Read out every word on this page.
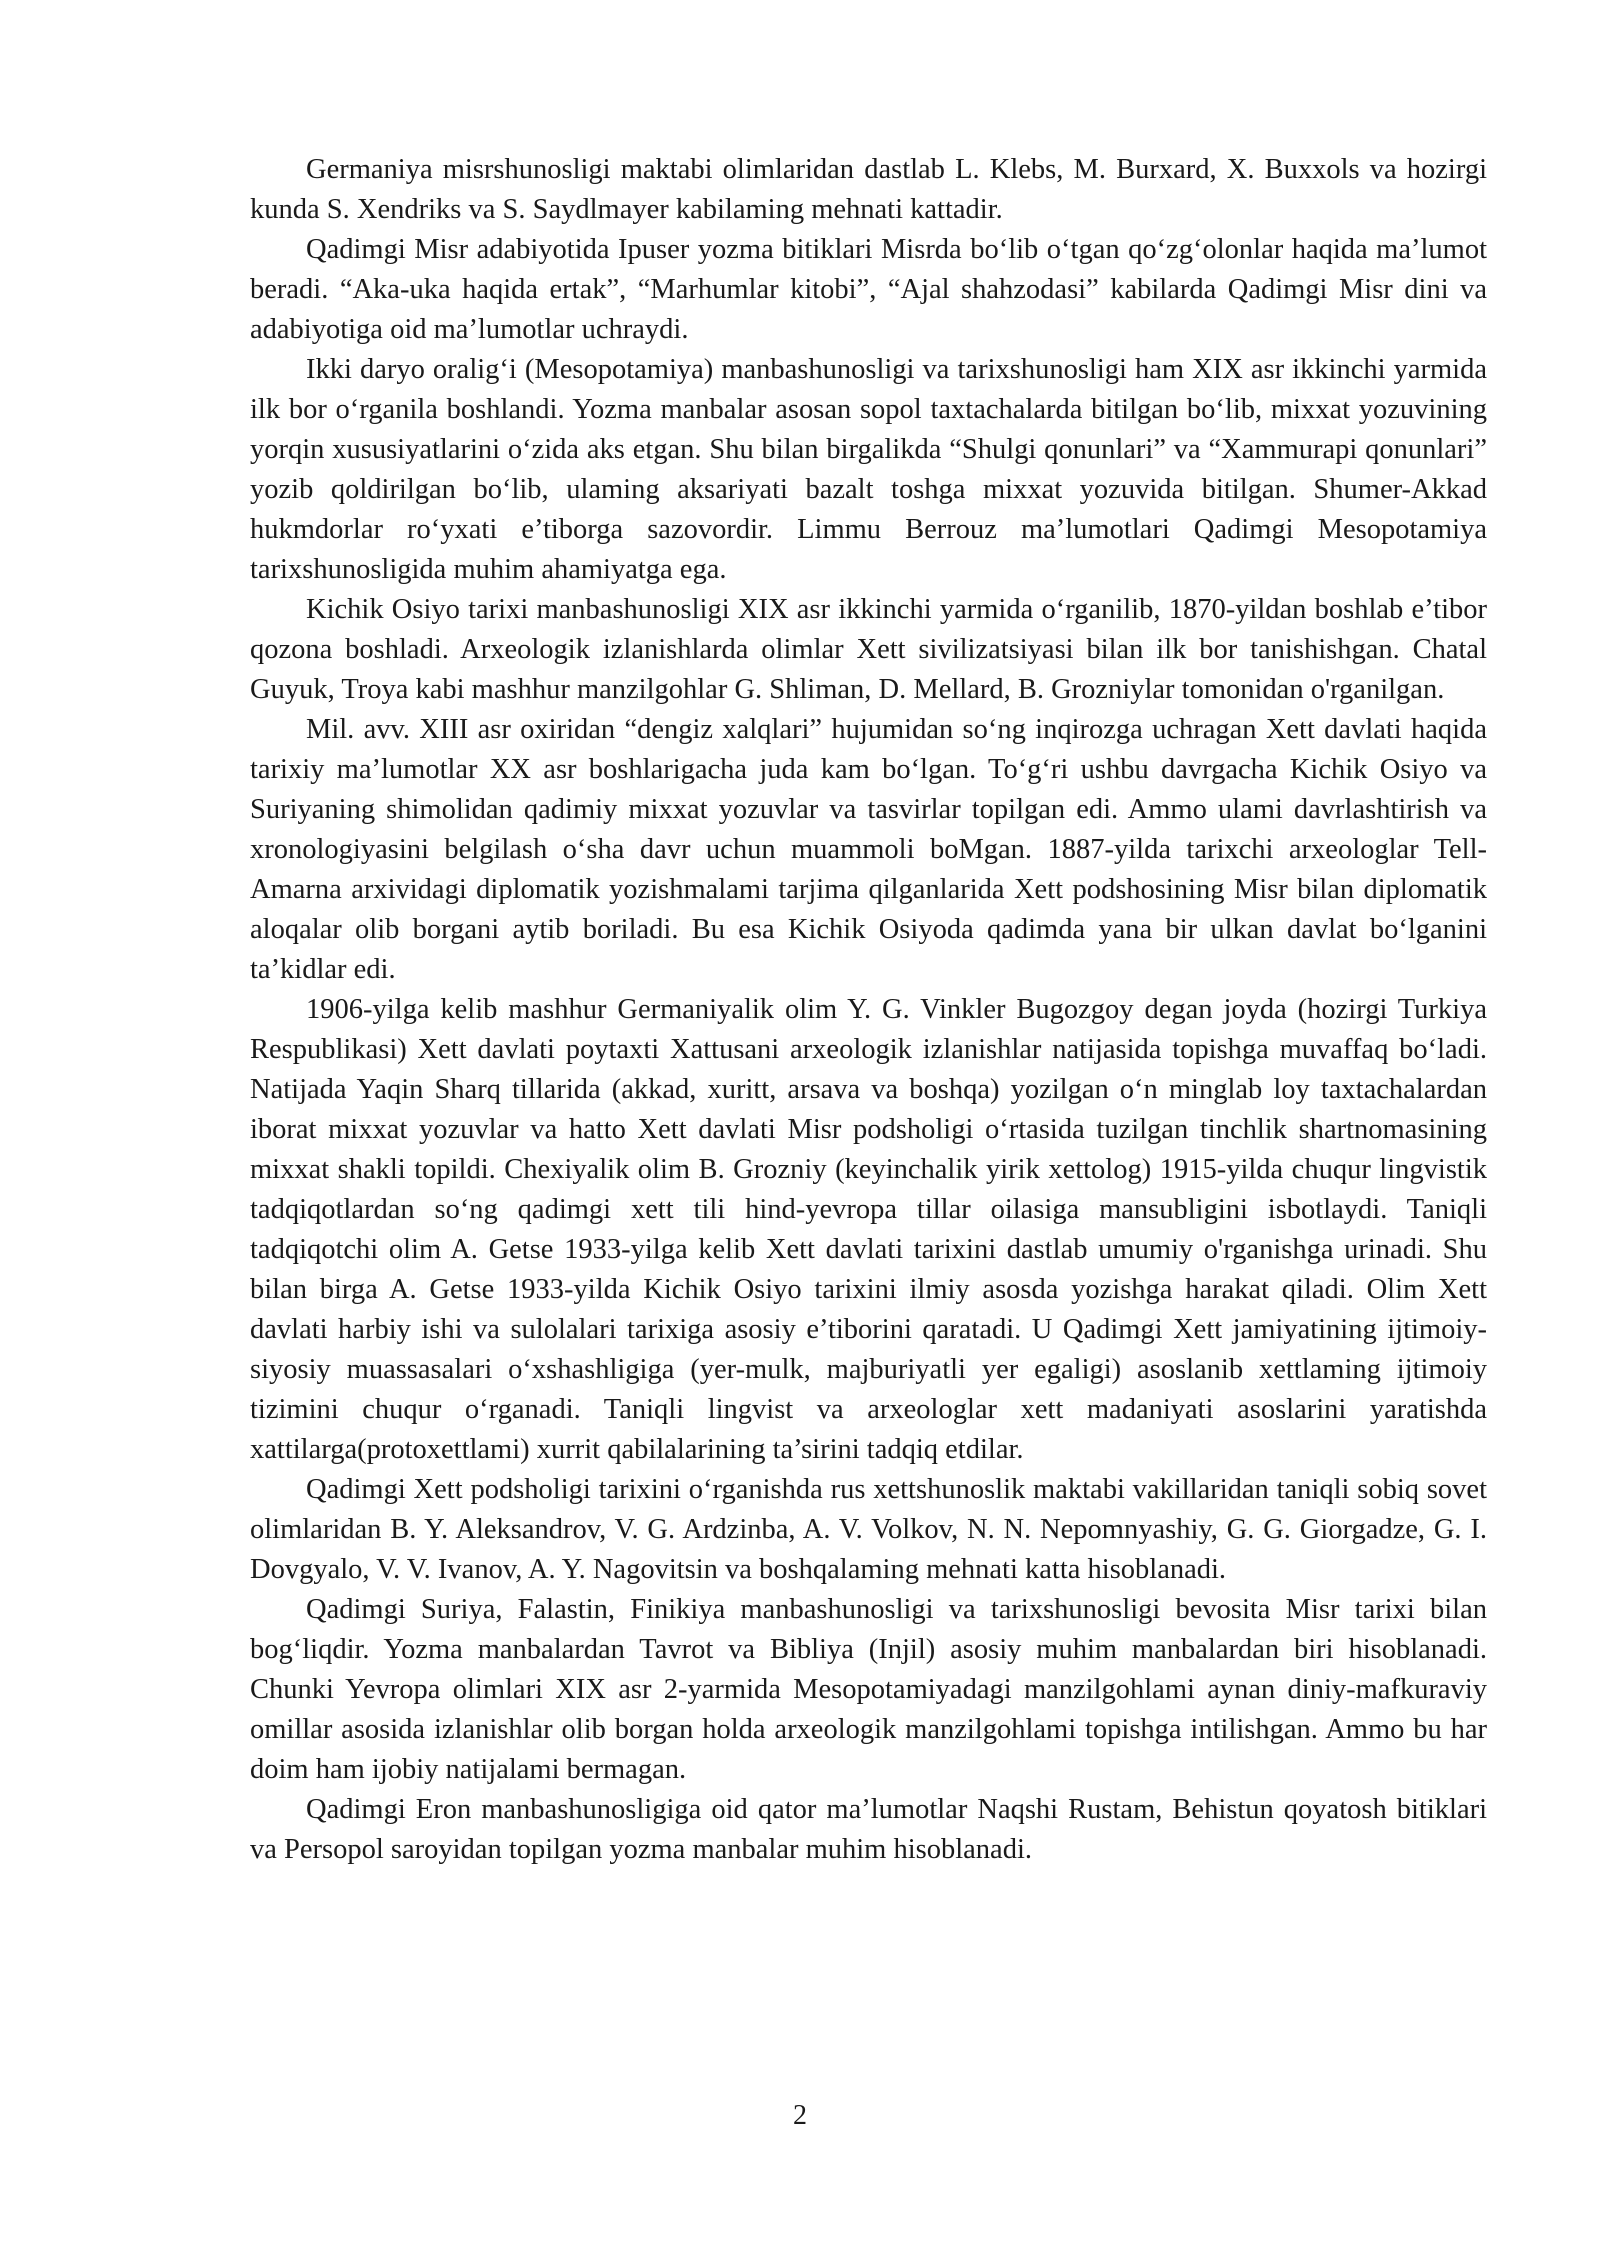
Germaniya misrshunosligi maktabi olimlaridan dastlab L. Klebs, M. Burxard, X. Buxxols va hozirgi kunda S. Xendriks va S. Saydlmayer kabilaming mehnati kattadir.

Qadimgi Misr adabiyotida Ipuser yozma bitiklari Misrda bo‘lib o‘tgan qo‘zg‘olonlar haqida ma’lumot beradi. “Aka-uka haqida ertak”, “Marhumlar kitobi”, “Ajal shahzodasi” kabilarda Qadimgi Misr dini va adabiyotiga oid ma’lumotlar uchraydi.

Ikki daryo oralig‘i (Mesopotamiya) manbashunosligi va tarixshunosligi ham XIX asr ikkinchi yarmida ilk bor o‘rganila boshlandi. Yozma manbalar asosan sopol taxtachalarda bitilgan bo‘lib, mixxat yozuvining yorqin xususiyatlarini o‘zida aks etgan. Shu bilan birgalikda “Shulgi qonunlari” va “Xammurapi qonunlari” yozib qoldirilgan bo‘lib, ulaming aksariyati bazalt toshga mixxat yozuvida bitilgan. Shumer-Akkad hukmdorlar ro‘yxati e’tiborga sazovordir. Limmu Berrouz ma’lumotlari Qadimgi Mesopotamiya tarixshunosligida muhim ahamiyatga ega.

Kichik Osiyo tarixi manbashunosligi XIX asr ikkinchi yarmida o‘rganilib, 1870-yildan boshlab e’tibor qozona boshladi. Arxeologik izlanishlarda olimlar Xett sivilizatsiyasi bilan ilk bor tanishishgan. Chatal Guyuk, Troya kabi mashhur manzilgohlar G. Shliman, D. Mellard, B. Grozniylar tomonidan o'rganilgan.

Mil. avv. XIII asr oxiridan “dengiz xalqlari” hujumidan so‘ng inqirozga uchragan Xett davlati haqida tarixiy ma’lumotlar XX asr boshlarigacha juda kam bo‘lgan. To‘g‘ri ushbu davrgacha Kichik Osiyo va Suriyaning shimolidan qadimiy mixxat yozuvlar va tasvirlar topilgan edi. Ammo ulami davrlashtirish va xronologiyasini belgilash o‘sha davr uchun muammoli boMgan. 1887-yilda tarixchi arxeologlar Tell-Amarna arxividagi diplomatik yozishmalami tarjima qilganlarida Xett podshosining Misr bilan diplomatik aloqalar olib borgani aytib boriladi. Bu esa Kichik Osiyoda qadimda yana bir ulkan davlat bo‘lganini ta’kidlar edi.

1906-yilga kelib mashhur Germaniyalik olim Y. G. Vinkler Bugozgoy degan joyda (hozirgi Turkiya Respublikasi) Xett davlati poytaxti Xattusani arxeologik izlanishlar natijasida topishga muvaffaq bo‘ladi. Natijada Yaqin Sharq tillarida (akkad, xuritt, arsava va boshqa) yozilgan o‘n minglab loy taxtachalardan iborat mixxat yozuvlar va hatto Xett davlati Misr podsholigi o‘rtasida tuzilgan tinchlik shartnomasining mixxat shakli topildi. Chexiyalik olim B. Grozniy (keyinchalik yirik xettolog) 1915-yilda chuqur lingvistik tadqiqotlardan so‘ng qadimgi xett tili hind-yevropa tillar oilasiga mansubligini isbotlaydi. Taniqli tadqiqotchi olim A. Getse 1933-yilga kelib Xett davlati tarixini dastlab umumiy o'rganishga urinadi. Shu bilan birga A. Getse 1933-yilda Kichik Osiyo tarixini ilmiy asosda yozishga harakat qiladi. Olim Xett davlati harbiy ishi va sulolalari tarixiga asosiy e’tiborini qaratadi. U Qadimgi Xett jamiyatining ijtimoiy-siyosiy muassasalari o‘xshashligiga (yer-mulk, majburiyatli yer egaligi) asoslanib xettlaming ijtimoiy tizimini chuqur o‘rganadi. Taniqli lingvist va arxeologlar xett madaniyati asoslarini yaratishda xattilarga(protoxettlami) xurrit qabilalarining ta’sirini tadqiq etdilar.

Qadimgi Xett podsholigi tarixini o‘rganishda rus xettshunoslik maktabi vakillaridan taniqli sobiq sovet olimlaridan B. Y. Aleksandrov, V. G. Ardzinba, A. V. Volkov, N. N. Nepomnyashiy, G. G. Giorgadze, G. I. Dovgyalo, V. V. Ivanov, A. Y. Nagovitsin va boshqalaming mehnati katta hisoblanadi.

Qadimgi Suriya, Falastin, Finikiya manbashunosligi va tarixshunosligi bevosita Misr tarixi bilan bog‘liqdir. Yozma manbalardan Tavrot va Bibliya (Injil) asosiy muhim manbalardan biri hisoblanadi. Chunki Yevropa olimlari XIX asr 2-yarmida Mesopotamiyadagi manzilgohlami aynan diniy-mafkuraviy omillar asosida izlanishlar olib borgan holda arxeologik manzilgohlami topishga intilishgan. Ammo bu har doim ham ijobiy natijalami bermagan.

Qadimgi Eron manbashunosligiga oid qator ma’lumotlar Naqshi Rustam, Behistun qoyatosh bitiklari va Persopol saroyidan topilgan yozma manbalar muhim hisoblanadi.

2
